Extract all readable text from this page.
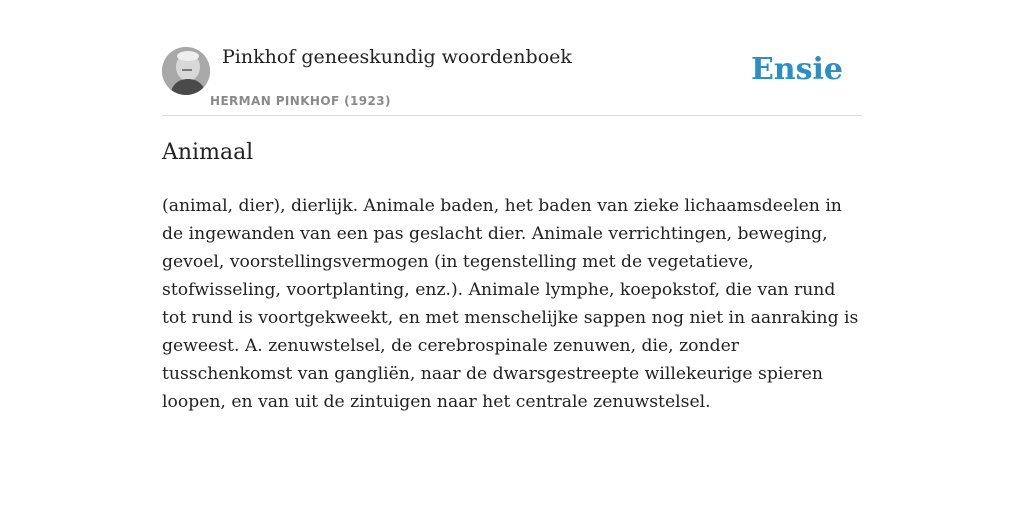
Pinkhof geneeskundig woordenboek
HERMAN PINKHOF (1923)
Ensie
Animaal

(animal, dier), dierlijk. Animale baden, het baden van zieke lichaamsdeelen in de ingewanden van een pas geslacht dier. Animale verrichtingen, beweging, gevoel, voorstellingsvermogen (in tegenstelling met de vegetatieve, stofwisseling, voortplanting, enz.). Animale lymphe, koepokstof, die van rund tot rund is voortgekweekt, en met menschelijke sappen nog niet in aanraking is geweest. A. zenuwstelsel, de cerebrospinale zenuwen, die, zonder tusschenkomst van gangliën, naar de dwarsgestreepte willekeurige spieren loopen, en van uit de zintuigen naar het centrale zenuwstelsel.
